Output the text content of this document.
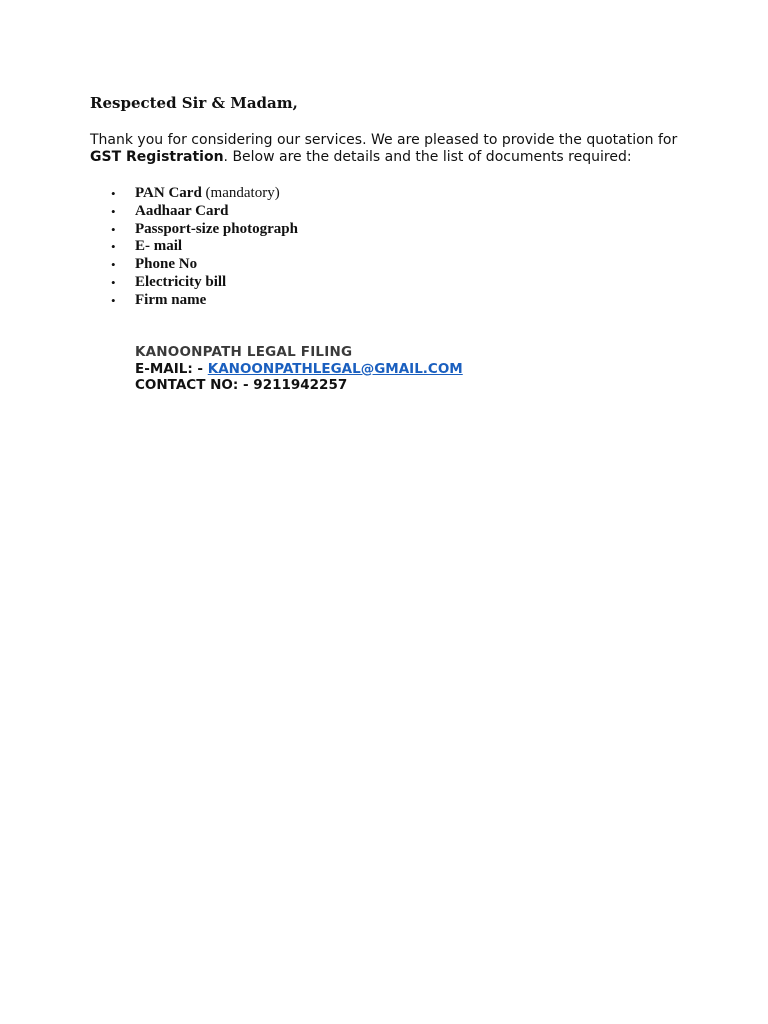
Respected Sir & Madam,

Thank you for considering our services. We are pleased to provide the quotation for GST Registration. Below are the details and the list of documents required:

• PAN Card (mandatory)
• Aadhaar Card
• Passport-size photograph
• E- mail
• Phone No
• Electricity bill
• Firm name
KANOONPATH LEGAL FILING
E-MAIL: - KANOONPATHLEGAL@GMAIL.COM
CONTACT NO: - 9211942257
